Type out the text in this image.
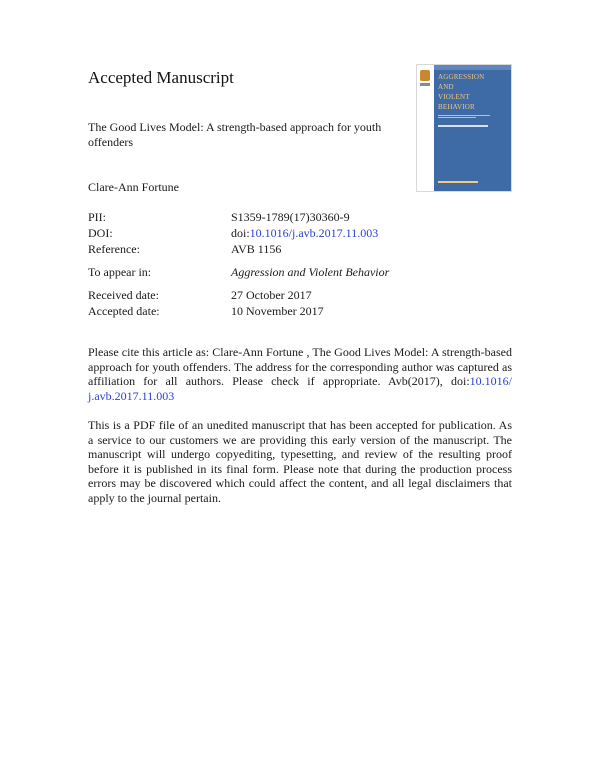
Accepted Manuscript
The Good Lives Model: A strength-based approach for youth offenders
Clare-Ann Fortune
AGGRESSION
AND
VIOLENT
BEHAVIOR
PII:	S1359-1789(17)30360-9
DOI:	doi:10.1016/j.avb.2017.11.003
Reference:	AVB 1156
To appear in:	Aggression and Violent Behavior
Received date:	27 October 2017
Accepted date:	10 November 2017
Please cite this article as: Clare-Ann Fortune , The Good Lives Model: A strength-based approach for youth offenders. The address for the corresponding author was captured as affiliation for all authors. Please check if appropriate. Avb(2017), doi:10.1016/ j.avb.2017.11.003

This is a PDF file of an unedited manuscript that has been accepted for publication. As a service to our customers we are providing this early version of the manuscript. The manuscript will undergo copyediting, typesetting, and review of the resulting proof before it is published in its final form. Please note that during the production process errors may be discovered which could affect the content, and all legal disclaimers that apply to the journal pertain.
